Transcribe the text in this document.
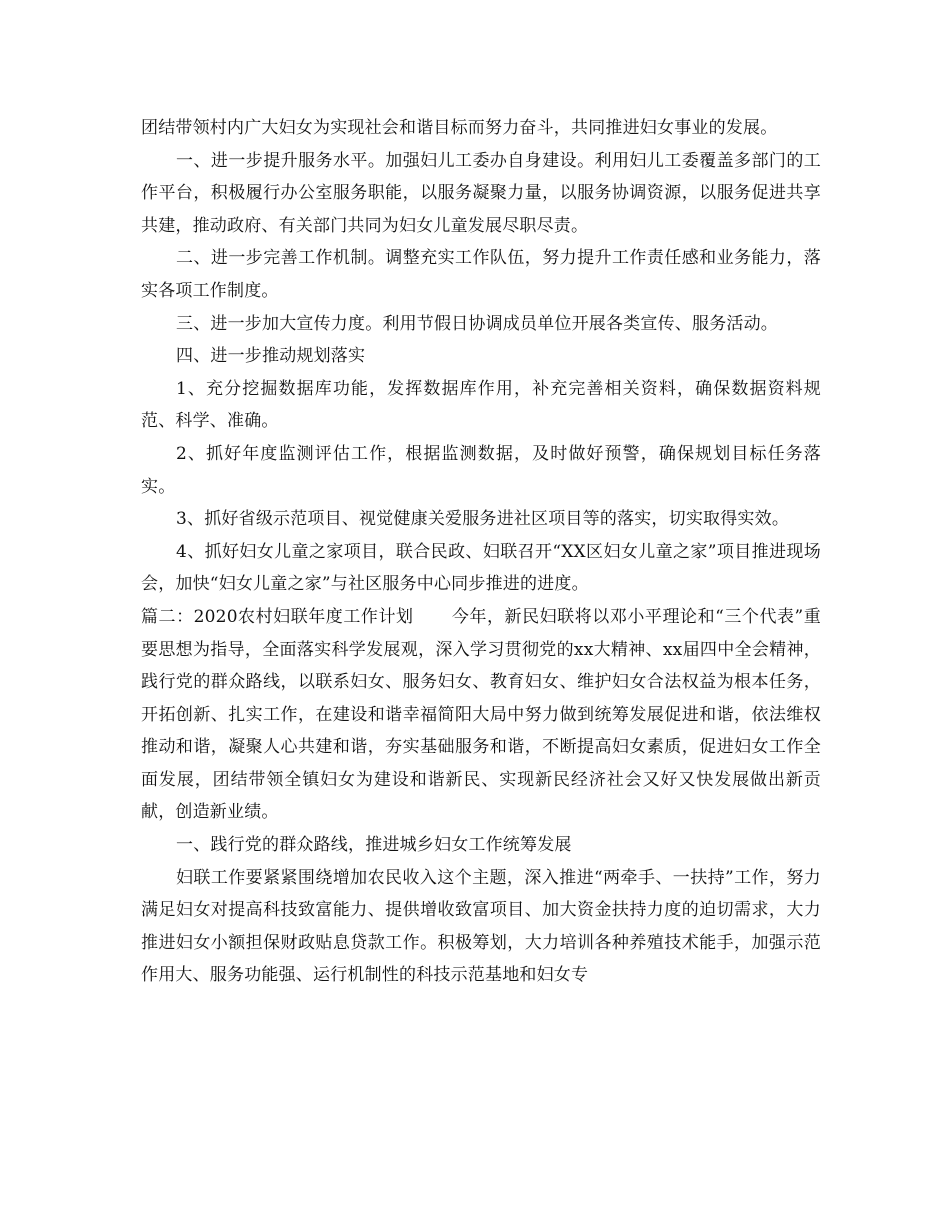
团结带领村内广大妇女为实现社会和谐目标而努力奋斗，共同推进妇女事业的发展。

一、进一步提升服务水平。加强妇儿工委办自身建设。利用妇儿工委覆盖多部门的工作平台，积极履行办公室服务职能，以服务凝聚力量，以服务协调资源，以服务促进共享共建，推动政府、有关部门共同为妇女儿童发展尽职尽责。

二、进一步完善工作机制。调整充实工作队伍，努力提升工作责任感和业务能力，落实各项工作制度。

三、进一步加大宣传力度。利用节假日协调成员单位开展各类宣传、服务活动。

四、进一步推动规划落实

1、充分挖掘数据库功能，发挥数据库作用，补充完善相关资料，确保数据资料规范、科学、准确。

2、抓好年度监测评估工作，根据监测数据，及时做好预警，确保规划目标任务落实。

3、抓好省级示范项目、视觉健康关爱服务进社区项目等的落实，切实取得实效。

4、抓好妇女儿童之家项目，联合民政、妇联召开“XX区妇女儿童之家”项目推进现场会，加快“妇女儿童之家”与社区服务中心同步推进的进度。

篇二：2020农村妇联年度工作计划 今年，新民妇联将以邓小平理论和“三个代表”重要思想为指导，全面落实科学发展观，深入学习贯彻党的xx大精神、xx届四中全会精神，践行党的群众路线，以联系妇女、服务妇女、教育妇女、维护妇女合法权益为根本任务，开拓创新、扎实工作，在建设和谐幸福简阳大局中努力做到统筹发展促进和谐，依法维权推动和谐，凝聚人心共建和谐，夯实基础服务和谐，不断提高妇女素质，促进妇女工作全面发展，团结带领全镇妇女为建设和谐新民、实现新民经济社会又好又快发展做出新贡献，创造新业绩。

一、践行党的群众路线，推进城乡妇女工作统筹发展

妇联工作要紧紧围绕增加农民收入这个主题，深入推进“两牵手、一扶持”工作，努力满足妇女对提高科技致富能力、提供增收致富项目、加大资金扶持力度的迫切需求，大力推进妇女小额担保财政贴息贷款工作。积极筹划，大力培训各种养殖技术能手，加强示范作用大、服务功能强、运行机制性的科技示范基地和妇女专
